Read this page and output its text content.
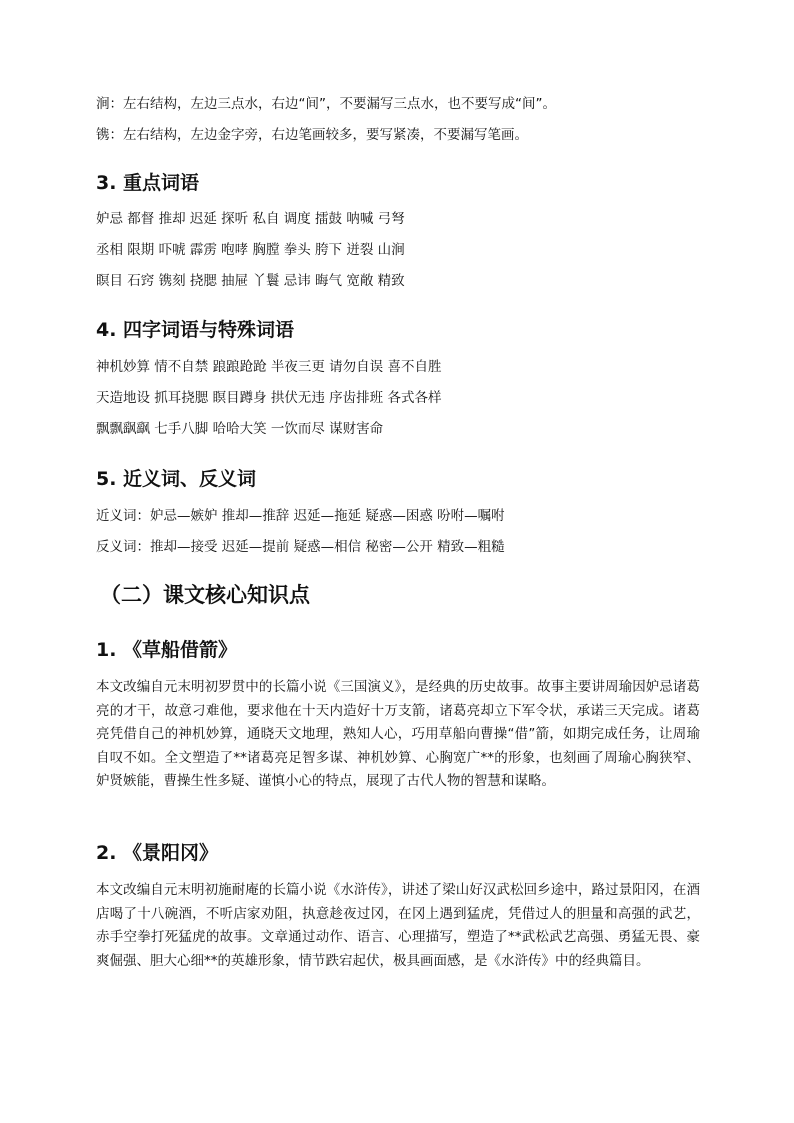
涧：左右结构，左边三点水，右边“间”，不要漏写三点水，也不要写成“间”。
镌：左右结构，左边金字旁，右边笔画较多，要写紧凑，不要漏写笔画。
3. 重点词语
妒忌 都督 推却 迟延 探听 私自 调度 擂鼓 呐喊 弓弩
丞相 限期 吓唬 霹雳 咆哮 胸膛 拳头 胯下 迸裂 山涧
瞑目 石窍 镌刻 挠腮 抽屉 丫鬟 忌讳 晦气 宽敞 精致
4. 四字词语与特殊词语
神机妙算 情不自禁 踉踉跄跄 半夜三更 请勿自误 喜不自胜
天造地设 抓耳挠腮 瞑目蹲身 拱伏无违 序齿排班 各式各样
飘飘飖飖 七手八脚 哈哈大笑 一饮而尽 谋财害命
5. 近义词、反义词
近义词：妒忌—嫉妒 推却—推辞 迟延—拖延 疑惑—困惑 吩咐—嘱咐
反义词：推却—接受 迟延—提前 疑惑—相信 秘密—公开 精致—粗糙
（二）课文核心知识点
1. 《草船借箭》
本文改编自元末明初罗贯中的长篇小说《三国演义》，是经典的历史故事。故事主要讲周瑜因妒忌诸葛亮的才干，故意刁难他，要求他在十天内造好十万支箭，诸葛亮却立下军令状，承诺三天完成。诸葛亮凭借自己的神机妙算，通晓天文地理，熟知人心，巧用草船向曹操“借”箭，如期完成任务，让周瑜自叹不如。全文塑造了**诸葛亮足智多谋、神机妙算、心胸宽广**的形象，也刻画了周瑜心胸狭窄、妒贤嫉能，曹操生性多疑、谨慎小心的特点，展现了古代人物的智慧和谋略。
2. 《景阳冈》
本文改编自元末明初施耐庵的长篇小说《水浒传》，讲述了梁山好汉武松回乡途中，路过景阳冈，在酒店喝了十八碗酒，不听店家劝阻，执意趁夜过冈，在冈上遇到猛虎，凭借过人的胆量和高强的武艺，赤手空拳打死猛虎的故事。文章通过动作、语言、心理描写，塑造了**武松武艺高强、勇猛无畏、豪爽倔强、胆大心细**的英雄形象，情节跌宕起伏，极具画面感，是《水浒传》中的经典篇目。
